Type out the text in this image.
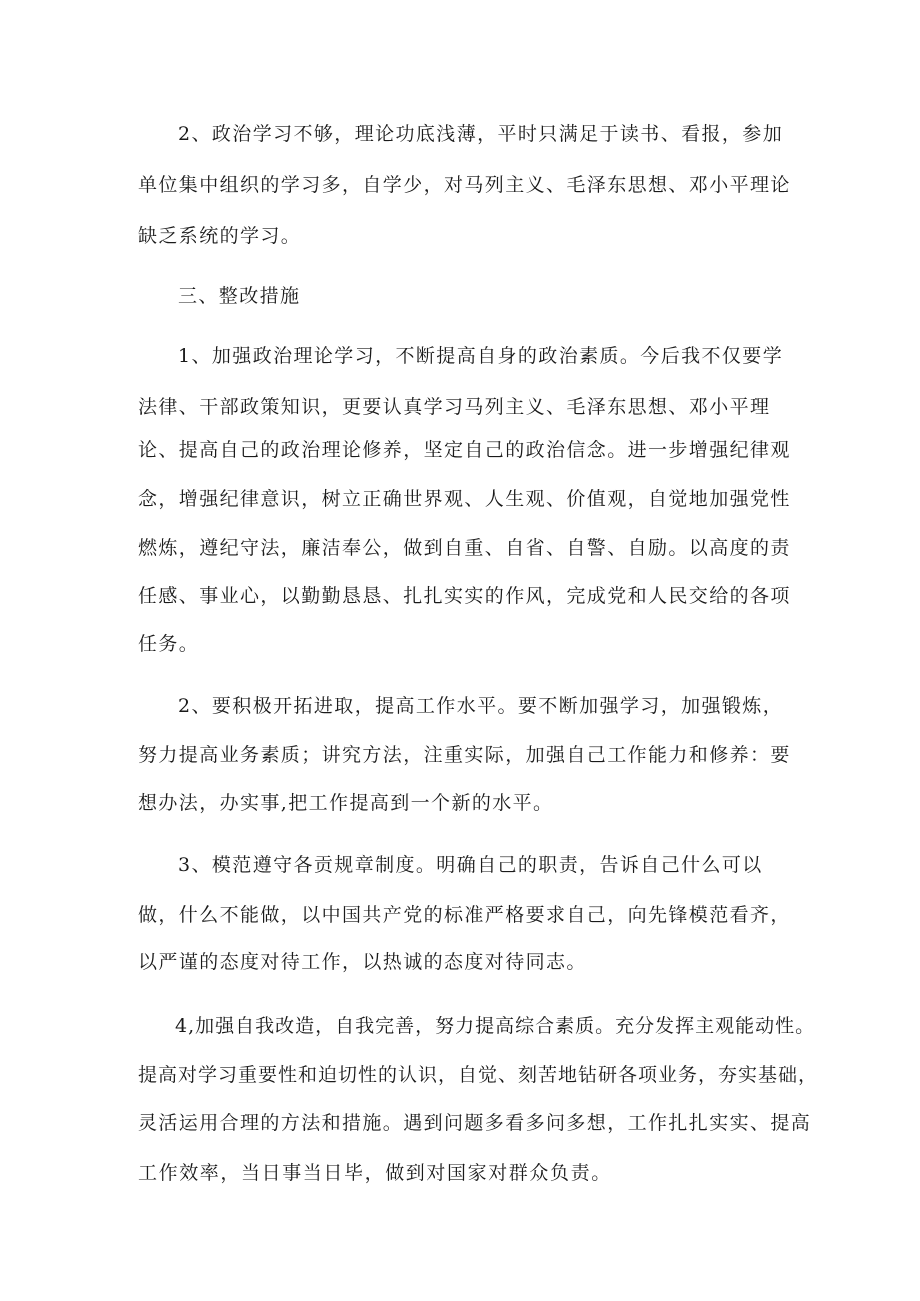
2、政治学习不够，理论功底浅薄，平时只满足于读书、看报，参加
单位集中组织的学习多，自学少，对马列主义、毛泽东思想、邓小平理论
缺乏系统的学习。
三、整改措施
1、加强政治理论学习，不断提高自身的政治素质。今后我不仅要学
法律、干部政策知识，更要认真学习马列主义、毛泽东思想、邓小平理
论、提高自己的政治理论修养，坚定自己的政治信念。进一步增强纪律观
念，增强纪律意识，树立正确世界观、人生观、价值观，自觉地加强党性
燃炼，遵纪守法，廉洁奉公，做到自重、自省、自警、自励。以高度的责
任感、事业心，以勤勤恳恳、扎扎实实的作风，完成党和人民交给的各项
任务。
2、要积极开拓进取，提高工作水平。要不断加强学习，加强锻炼，
努力提高业务素质；讲究方法，注重实际，加强自己工作能力和修养：要
想办法，办实事,把工作提高到一个新的水平。
3、模范遵守各贡规章制度。明确自己的职责，告诉自己什么可以
做，什么不能做，以中国共产党的标准严格要求自己，向先锋模范看齐，
以严谨的态度对待工作，以热诚的态度对待同志。
4,加强自我改造，自我完善，努力提高综合素质。充分发挥主观能动性。
提高对学习重要性和迫切性的认识，自觉、刻苦地钻研各项业务，夯实基础，
灵活运用合理的方法和措施。遇到问题多看多问多想，工作扎扎实实、提高
工作效率，当日事当日毕，做到对国家对群众负责。
